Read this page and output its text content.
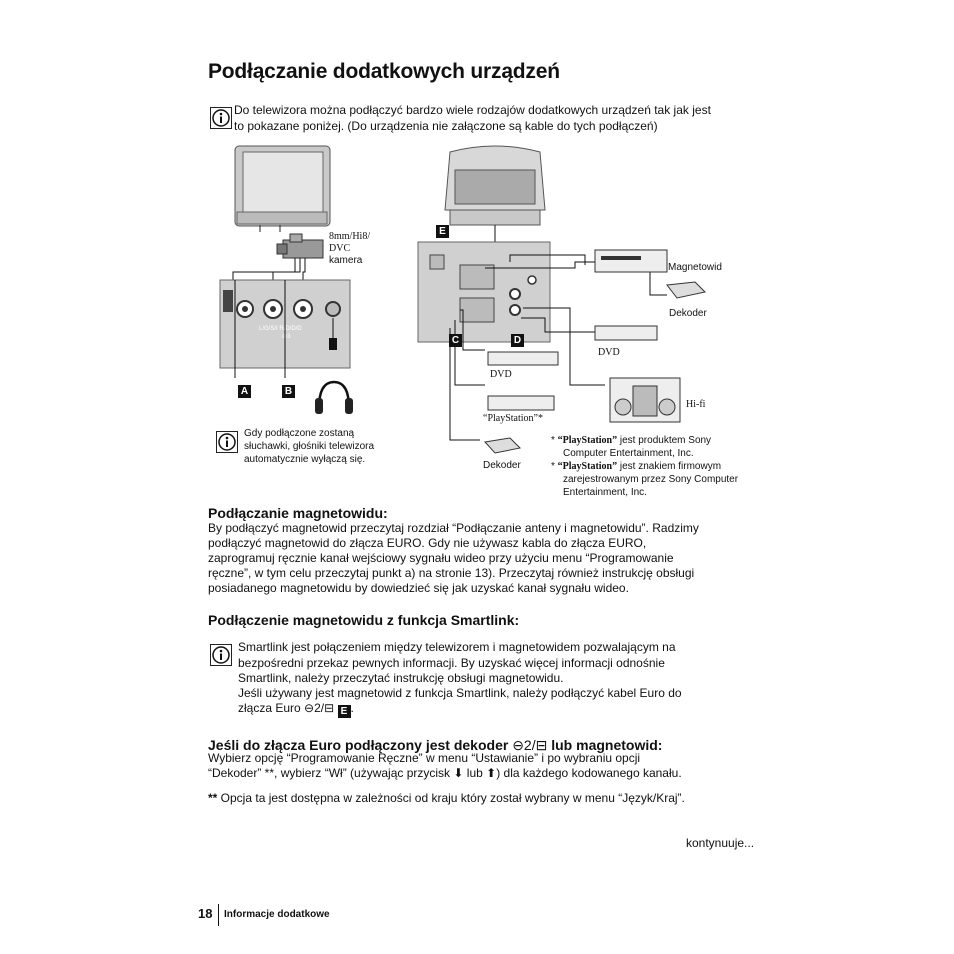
Podłączanie dodatkowych urządzeń
Do telewizora można podłączyć bardzo wiele rodzajów dodatkowych urządzeń tak jak jest
to pokazane poniżej. (Do urządzenia nie załączone są kable do tych podłączeń)
L/G/S/I R/D/D/D
⊖3
8mm/Hi8/
DVC
kamera
E
C	D
A	B
Magnetowid
Dekoder
DVD
DVD
Hi-fi
“PlayStation”*
Dekoder
Gdy podłączone zostaną
słuchawki, głośniki telewizora
automatycznie wyłączą się.
* “PlayStation” jest produktem Sony
Computer Entertainment, Inc.
* “PlayStation” jest znakiem firmowym
zarejestrowanym przez Sony Computer
Entertainment, Inc.
Podłączanie magnetowidu:
By podłączyć magnetowid przeczytaj rozdział “Podłączanie anteny i magnetowidu”. Radzimy
podłączyć magnetowid do złącza EURO. Gdy nie używasz kabla do złącza EURO,
zaprogramuj ręcznie kanał wejściowy sygnału wideo przy użyciu menu “Programowanie
ręczne”, w tym celu przeczytaj punkt a) na stronie 13). Przeczytaj również instrukcję obsługi
posiadanego magnetowidu by dowiedzieć się jak uzyskać kanał sygnału wideo.
Podłączenie magnetowidu z funkcja Smartlink:
Smartlink jest połączeniem między telewizorem i magnetowidem pozwalającym na
bezpośredni przekaz pewnych informacji. By uzyskać więcej informacji odnośnie
Smartlink, należy przeczytać instrukcję obsługi magnetowidu.
Jeśli używany jest magnetowid z funkcja Smartlink, należy podłączyć kabel Euro do
złącza Euro ⊖2/⊟ E .
Jeśli do złącza Euro podłączony jest dekoder ⊖2/⊟ lub magnetowid:
Wybierz opcję “Programowanie Ręczne” w menu “Ustawianie” i po wybraniu opcji
“Dekoder” **, wybierz “Wł” (używając przycisk ⬇ lub ⬆) dla każdego kodowanego kanału.
** Opcja ta jest dostępna w zależności od kraju który został wybrany w menu “Język/Kraj”.
kontynuuje...
18 Informacje dodatkowe
